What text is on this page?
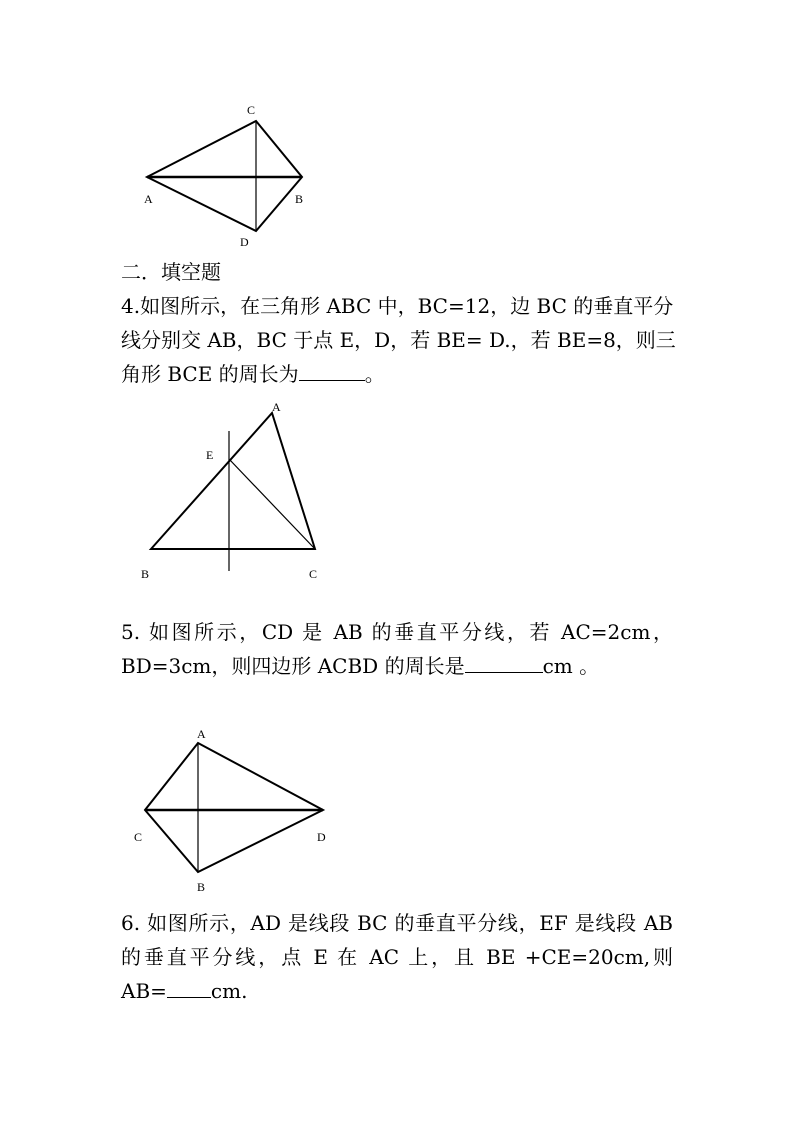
C
A	B
D
二．填空题
4.如图所示，在三角形 ABC 中，BC=12，边 BC 的垂直平分
线分别交 AB，BC 于点 E，D，若 BE= D.，若 BE=8，则三
角形 BCE 的周长为	。
A
E
B	C
5. 如图所示，CD 是 AB 的垂直平分线，若 AC=2cm，
BD=3cm，则四边形 ACBD 的周长是	cm 。
A
C	D
B
6. 如图所示，AD 是线段 BC 的垂直平分线，EF 是线段 AB
的垂直平分线，点 E 在 AC 上，且 BE +CE=20cm,则
AB= cm.
